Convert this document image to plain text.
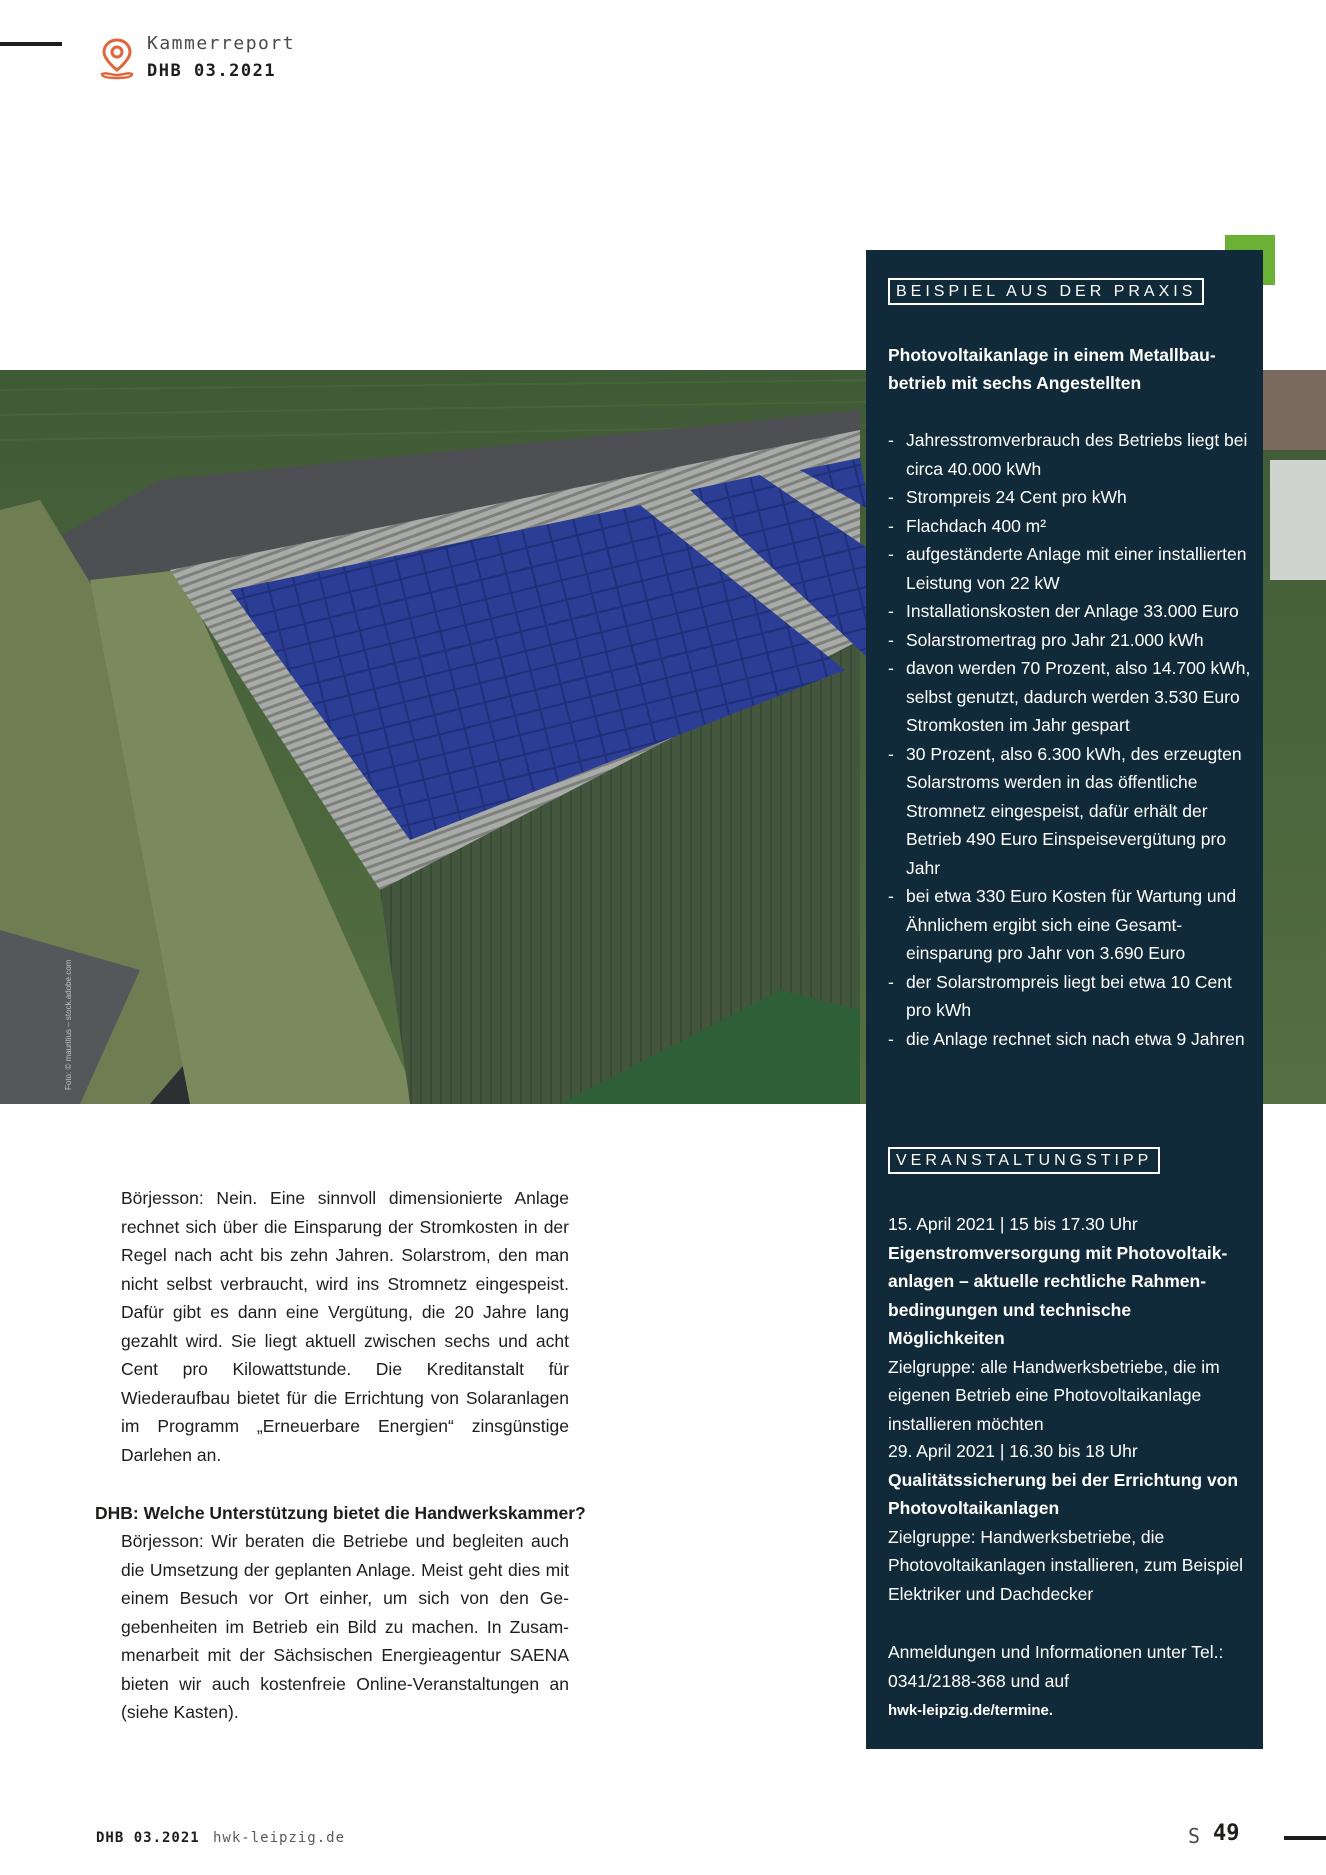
Kammerreport
DHB 03.2021
Foto: © mauritius – stock.adobe.com
BEISPIEL AUS DER PRAXIS
Photovoltaikanlage in einem Metallbau-
betrieb mit sechs Angestellten
- Jahresstromverbrauch des Betriebs liegt bei circa 40.000 kWh
- Strompreis 24 Cent pro kWh
- Flachdach 400 m²
- aufgeständerte Anlage mit einer installierten Leistung von 22 kW
- Installationskosten der Anlage 33.000 Euro
- Solarstromertrag pro Jahr 21.000 kWh
- davon werden 70 Prozent, also 14.700 kWh, selbst genutzt, dadurch werden 3.530 Euro Stromkosten im Jahr gespart
- 30 Prozent, also 6.300 kWh, des erzeugten Solarstroms werden in das öffentliche Stromnetz eingespeist, dafür erhält der Betrieb 490 Euro Einspeisevergütung pro Jahr
- bei etwa 330 Euro Kosten für Wartung und Ähnlichem ergibt sich eine Gesamteinsparung pro Jahr von 3.690 Euro
- der Solarstrompreis liegt bei etwa 10 Cent pro kWh
- die Anlage rechnet sich nach etwa 9 Jahren
VERANSTALTUNGSTIPP
15. April 2021 | 15 bis 17.30 Uhr
Eigenstromversorgung mit Photovoltaikanlagen – aktuelle rechtliche Rahmenbedingungen und technische Möglichkeiten
Zielgruppe: alle Handwerksbetriebe, die im eigenen Betrieb eine Photovoltaikanlage installieren möchten
29. April 2021 | 16.30 bis 18 Uhr
Qualitätssicherung bei der Errichtung von Photovoltaikanlagen
Zielgruppe: Handwerksbetriebe, die Photovoltaikanlagen installieren, zum Beispiel Elektriker und Dachdecker
Anmeldungen und Informationen unter Tel.: 0341/2188-368 und auf
hwk-leipzig.de/termine.
Börjesson: Nein. Eine sinnvoll dimensionierte Anlage rechnet sich über die Einsparung der Stromkosten in der Regel nach acht bis zehn Jahren. Solarstrom, den man nicht selbst verbraucht, wird ins Stromnetz eingespeist. Dafür gibt es dann eine Vergütung, die 20 Jahre lang gezahlt wird. Sie liegt aktuell zwischen sechs und acht Cent pro Kilowattstunde. Die Kreditanstalt für Wiederaufbau bietet für die Errichtung von Solaranlagen im Programm „Erneuerbare Energien“ zinsgünstige Darlehen an.
DHB: Welche Unterstützung bietet die Handwerkskammer?
Börjesson: Wir beraten die Betriebe und begleiten auch die Umsetzung der geplanten Anlage. Meist geht dies mit einem Besuch vor Ort einher, um sich von den Gegebenheiten im Betrieb ein Bild zu machen. In Zusammenarbeit mit der Sächsischen Energieagentur SAENA bieten wir auch kostenfreie Online-Veranstaltungen an (siehe Kasten).
DHB 03.2021 hwk-leipzig.de	S 49
